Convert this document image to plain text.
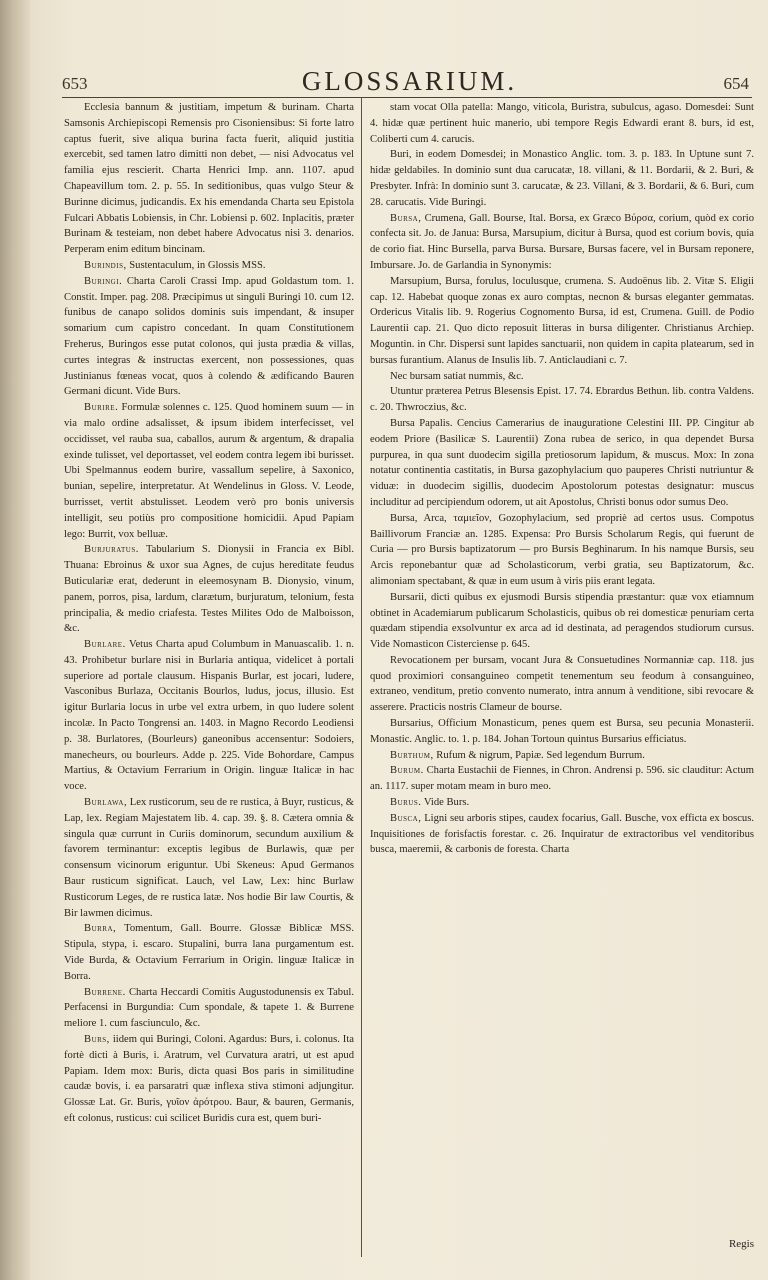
653	GLOSSARIUM.	654

Ecclesia bannum & justitiam, impetum & burinam. Charta Samsonis Archiepiscopi Remensis pro Cisoniensibus: Si forte latro captus fuerit, sive aliqua burina facta fuerit, aliquid justitia exercebit, sed tamen latro dimitti non debet, — nisi Advocatus vel familia ejus rescierit. Charta Henrici Imp. ann. 1107. apud Chapeavillum tom. 2. p. 55. In seditionibus, quas vulgo Steur & Burinne dicimus, judicandis. Ex his emendanda Charta seu Epistola Fulcari Abbatis Lobiensis, in Chr. Lobiensi p. 602. Inplacitis, præter Burinam & testeiam, non debet habere Advocatus nisi 3. denarios. Perperam enim editum bincinam.

Burindis, Sustentaculum, in Glossis MSS.

Buringi. Charta Caroli Crassi Imp. apud Goldastum tom. 1. Constit. Imper. pag. 208. Præcipimus ut singuli Buringi 10. cum 12. funibus de canapo solidos dominis suis impendant, & insuper somarium cum capistro concedant. In quam Constitutionem Freherus, Buringos esse putat colonos, qui justa prædia & villas, curtes integras & instructas exercent, non possessiones, quas Justinianus fœneas vocat, quos à colendo & ædificando Bauren Germani dicunt. Vide Burs.

Burire. Formulæ solennes c. 125. Quod hominem suum — in via malo ordine adsalisset, & ipsum ibidem interfecisset, vel occidisset, vel rauba sua, caballos, aurum & argentum, & drapalia exinde tulisset, vel deportasset, vel eodem contra legem ibi burisset. Ubi Spelmannus eodem burire, vassallum sepelire, à Saxonico, bunian, sepelire, interpretatur. At Wendelinus in Gloss. V. Leode, burrisset, vertit abstulisset. Leodem verò pro bonis universis intelligit, seu potiùs pro compositione homicidii. Apud Papiam lego: Burrit, vox belluæ.

Burjuratus. Tabularium S. Dionysii in Francia ex Bibl. Thuana: Ebroinus & uxor sua Agnes, de cujus hereditate feudus Buticulariæ erat, dederunt in eleemosynam B. Dionysio, vinum, panem, porros, pisa, lardum, clarætum, burjuratum, telonium, festa principalia, & medio criafesta. Testes Milites Odo de Malboisson, &c.

Burlare. Vetus Charta apud Columbum in Manuascalib. 1. n. 43. Prohibetur burlare nisi in Burlaria antiqua, videlicet à portali superiore ad portale clausum. Hispanis Burlar, est jocari, ludere, Vasconibus Burlaza, Occitanis Bourlos, ludus, jocus, illusio. Est igitur Burlaria locus in urbe vel extra urbem, in quo ludere solent incolæ. In Pacto Tongrensi an. 1403. in Magno Recordo Leodiensi p. 38. Burlatores, (Bourleurs) ganeonibus accensentur: Sodoiers, manecheurs, ou bourleurs. Adde p. 225. Vide Bohordare, Campus Martius, & Octavium Ferrarium in Origin. linguæ Italicæ in hac voce.

Burlawa, Lex rusticorum, seu de re rustica, à Buyr, rusticus, & Lap, lex. Regiam Majestatem lib. 4. cap. 39. §. 8. Cætera omnia & singula quæ currunt in Curiis dominorum, secundum auxilium & favorem terminantur: exceptis legibus de Burlawis, quæ per consensum vicinorum eriguntur. Ubi Skeneus: Apud Germanos Baur rusticum significat. Lauch, vel Law, Lex: hinc Burlaw Rusticorum Leges, de re rustica latæ. Nos hodie Bir law Courtis, & Bir lawmen dicimus.

Burra, Tomentum, Gall. Bourre. Glossæ Biblicæ MSS. Stipula, stypa, i. escaro. Stupalini, burra lana purgamentum est. Vide Burda, & Octavium Ferrarium in Origin. linguæ Italicæ in Borra.

Burrene. Charta Heccardi Comitis Augustodunensis ex Tabul. Perfacensi in Burgundia: Cum spondale, & tapete 1. & Burrene meliore 1. cum fasciunculo, &c.

Burs, iidem qui Buringi, Coloni. Agardus: Burs, i. colonus. Ita fortè dicti à Buris, i. Aratrum, vel Curvatura aratri, ut est apud Papiam. Idem mox: Buris, dicta quasi Bos paris in similitudine caudæ bovis, i. ea parsaratri quæ inflexa stiva stimoni adjungitur. Glossæ Lat. Gr. Buris, γυῖον ἀρότρου. Baur, & bauren, Germanis, eft colonus, rusticus: cui scilicet Buridis cura est, quem buri-

stam vocat Olla patella: Mango, viticola, Buristra, subulcus, agaso. Domesdei: Sunt 4. hidæ quæ pertinent huic manerio, ubi tempore Regis Edwardi erant 8. burs, id est, Coliberti cum 4. carucis.

Buri, in eodem Domesdei; in Monastico Anglic. tom. 3. p. 183. In Uptune sunt 7. hidæ geldabiles. In dominio sunt dua carucatæ, 18. villani, & 11. Bordarii, & 2. Buri, & Presbyter. Infrà: In dominio sunt 3. carucatæ, & 23. Villani, & 3. Bordarii, & 6. Buri, cum 28. carucatis. Vide Buringi.

Bursa, Crumena, Gall. Bourse, Ital. Borsa, ex Græco Βύρσα, corium, quòd ex corio confecta sit. Jo. de Janua: Bursa, Marsupium, dicitur à Bursa, quod est corium bovis, quia de corio fiat. Hinc Bursella, parva Bursa. Bursare, Bursas facere, vel in Bursam reponere, Imbursare. Jo. de Garlandia in Synonymis:

Marsupium, Bursa, forulus, loculusque, crumena. S. Audoënus lib. 2. Vitæ S. Eligii cap. 12. Habebat quoque zonas ex auro comptas, necnon & bursas eleganter gemmatas. Ordericus Vitalis lib. 9. Rogerius Cognomento Bursa, id est, Crumena. Guill. de Podio Laurentii cap. 21. Quo dicto reposuit litteras in bursa diligenter. Christianus Archiep. Moguntin. in Chr. Dispersi sunt lapides sanctuarii, non quidem in capita platearum, sed in bursas furantium. Alanus de Insulis lib. 7. Anticlaudiani c. 7.

Nec bursam satiat nummis, &c.

Utuntur præterea Petrus Blesensis Epist. 17. 74. Ebrardus Bethun. lib. contra Valdens. c. 20. Thwroczius, &c.

Bursa Papalis. Cencius Camerarius de inauguratione Celestini III. PP. Cingitur ab eodem Priore (Basilicæ S. Laurentii) Zona rubea de serico, in qua dependet Bursa purpurea, in qua sunt duodecim sigilla pretiosorum lapidum, & muscus. Mox: In zona notatur continentia castitatis, in Bursa gazophylacium quo pauperes Christi nutriuntur & viduæ: in duodecim sigillis, duodecim Apostolorum potestas designatur: muscus includitur ad percipiendum odorem, ut ait Apostolus, Christi bonus odor sumus Deo.

Bursa, Arca, ταμιεῖον, Gozophylacium, sed propriè ad certos usus. Compotus Baillivorum Franciæ an. 1285. Expensa: Pro Bursis Scholarum Regis, qui fuerunt de Curia — pro Bursis baptizatorum — pro Bursis Beghinarum. In his namque Bursis, seu Arcis reponebantur quæ ad Scholasticorum, verbi gratia, seu Baptizatorum, &c. alimoniam spectabant, & quæ in eum usum à viris piis erant legata.

Bursarii, dicti quibus ex ejusmodi Bursis stipendia præstantur: quæ vox etiamnum obtinet in Academiarum publicarum Scholasticis, quibus ob rei domesticæ penuriam certa quædam stipendia exsolvuntur ex arca ad id destinata, ad peragendos studiorum cursus. Vide Nomasticon Cisterciense p. 645.

Revocationem per bursam, vocant Jura & Consuetudines Normanniæ cap. 118. jus quod proximiori consanguineo competit tenementum seu feodum à consanguineo, extraneo, venditum, pretio convento numerato, intra annum à venditione, sibi revocare & asserere. Practicis nostris Clameur de bourse.

Bursarius, Officium Monasticum, penes quem est Bursa, seu pecunia Monasterii. Monastic. Anglic. to. 1. p. 184. Johan Tortoun quintus Bursarius efficiatus.

Burthum, Rufum & nigrum, Papiæ. Sed legendum Burrum.

Burum. Charta Eustachii de Fiennes, in Chron. Andrensi p. 596. sic clauditur: Actum an. 1117. super motam meam in buro meo.

Burus. Vide Burs.

Busca, Ligni seu arboris stipes, caudex focarius, Gall. Busche, vox efficta ex boscus. Inquisitiones de forisfactis forestar. c. 26. Inquiratur de extractoribus vel venditoribus busca, maeremii, & carbonis de foresta. Charta

Regis
